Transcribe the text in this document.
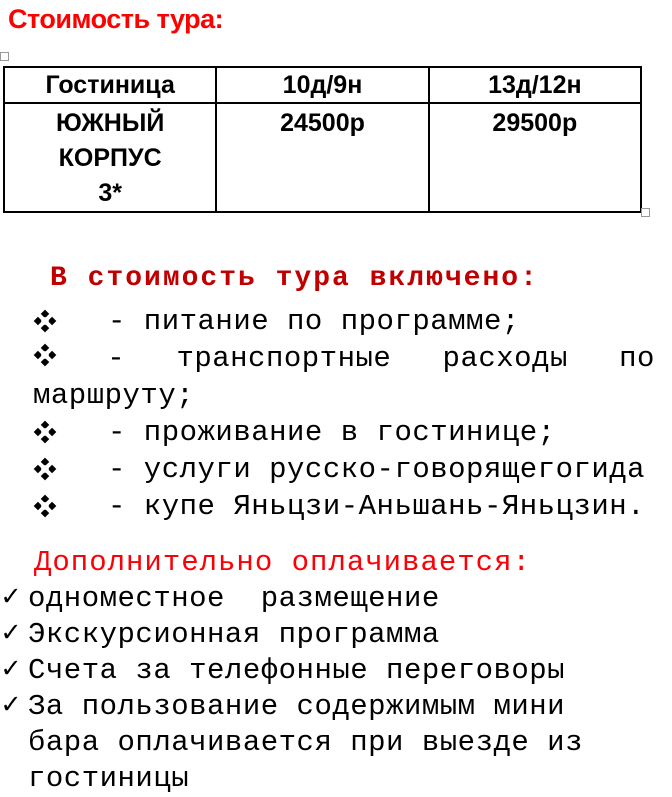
Стоимость тура:
Гостиница	10д/9н	13д/12н

ЮЖНЫЙ
КОРПУС
3*	24500р	29500р
В стоимость тура включено:
- питание по программе;
- транспортные расходы по
маршруту;
- проживание в гостинице;
- услуги русско-говорящегогида
- купе Яньцзи-Аньшань-Яньцзин.
Дополнительно оплачивается:
✓ одноместное  размещение
✓ Экскурсионная программа
✓ Счета за телефонные переговоры
✓ За пользование содержимым мини
бара оплачивается при выезде из
гостиницы
